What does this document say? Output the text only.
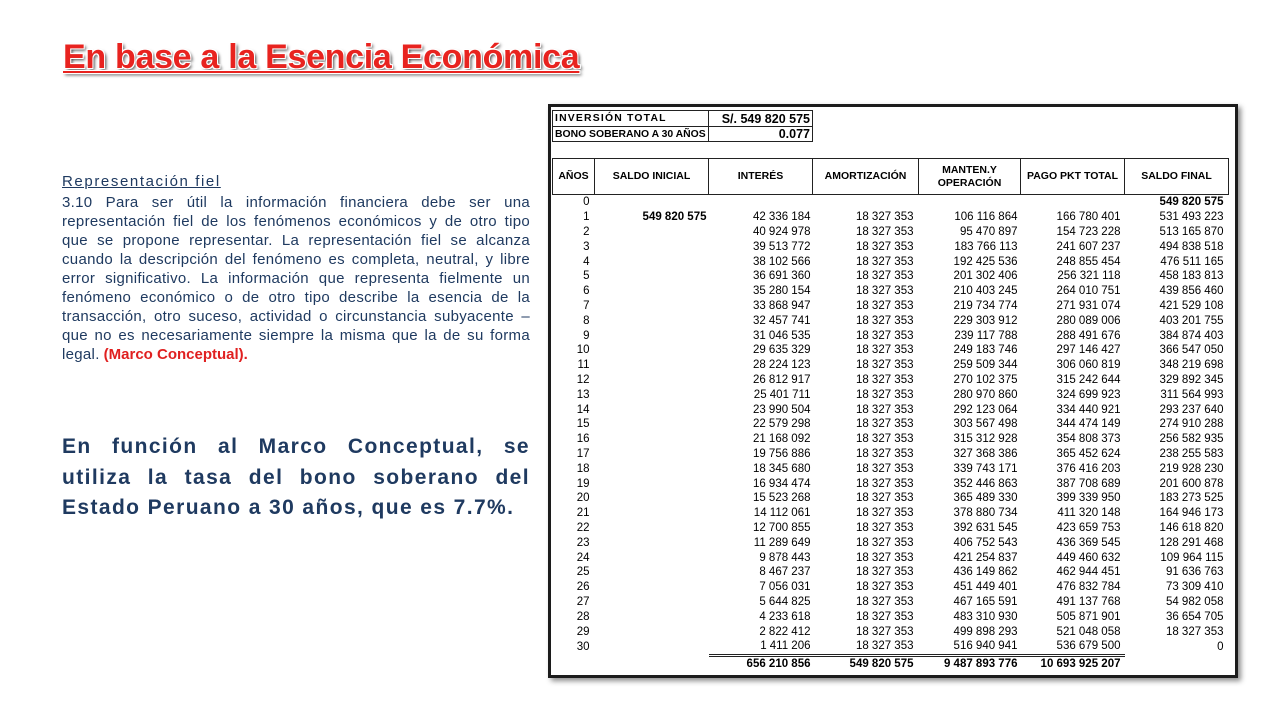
En base a la Esencia Económica
Representación fiel
3.10 Para ser útil la información financiera debe ser una
representación fiel de los fenómenos económicos y de otro tipo
que se propone representar. La representación fiel se alcanza
cuando la descripción del fenómeno es completa, neutral, y libre
error significativo. La información que representa fielmente un
fenómeno económico o de otro tipo describe la esencia de la
transacción, otro suceso, actividad o circunstancia subyacente –
que no es necesariamente siempre la misma que la de su forma
legal. (Marco Conceptual).
En función al Marco Conceptual, se
utiliza la tasa del bono soberano del
Estado Peruano a 30 años, que es 7.7%.
INVERSIÓN TOTAL	S/. 549 820 575
BONO SOBERANO A 30 AÑOS	0.077
AÑOS	SALDO INICIAL	INTERÉS	AMORTIZACIÓN	MANTEN.Y OPERACIÓN	PAGO PKT TOTAL	SALDO FINAL
0						549 820 575
1	549 820 575	42 336 184	18 327 353	106 116 864	166 780 401	531 493 223
2		40 924 978	18 327 353	95 470 897	154 723 228	513 165 870
3		39 513 772	18 327 353	183 766 113	241 607 237	494 838 518
4		38 102 566	18 327 353	192 425 536	248 855 454	476 511 165
5		36 691 360	18 327 353	201 302 406	256 321 118	458 183 813
6		35 280 154	18 327 353	210 403 245	264 010 751	439 856 460
7		33 868 947	18 327 353	219 734 774	271 931 074	421 529 108
8		32 457 741	18 327 353	229 303 912	280 089 006	403 201 755
9		31 046 535	18 327 353	239 117 788	288 491 676	384 874 403
10		29 635 329	18 327 353	249 183 746	297 146 427	366 547 050
11		28 224 123	18 327 353	259 509 344	306 060 819	348 219 698
12		26 812 917	18 327 353	270 102 375	315 242 644	329 892 345
13		25 401 711	18 327 353	280 970 860	324 699 923	311 564 993
14		23 990 504	18 327 353	292 123 064	334 440 921	293 237 640
15		22 579 298	18 327 353	303 567 498	344 474 149	274 910 288
16		21 168 092	18 327 353	315 312 928	354 808 373	256 582 935
17		19 756 886	18 327 353	327 368 386	365 452 624	238 255 583
18		18 345 680	18 327 353	339 743 171	376 416 203	219 928 230
19		16 934 474	18 327 353	352 446 863	387 708 689	201 600 878
20		15 523 268	18 327 353	365 489 330	399 339 950	183 273 525
21		14 112 061	18 327 353	378 880 734	411 320 148	164 946 173
22		12 700 855	18 327 353	392 631 545	423 659 753	146 618 820
23		11 289 649	18 327 353	406 752 543	436 369 545	128 291 468
24		9 878 443	18 327 353	421 254 837	449 460 632	109 964 115
25		8 467 237	18 327 353	436 149 862	462 944 451	91 636 763
26		7 056 031	18 327 353	451 449 401	476 832 784	73 309 410
27		5 644 825	18 327 353	467 165 591	491 137 768	54 982 058
28		4 233 618	18 327 353	483 310 930	505 871 901	36 654 705
29		2 822 412	18 327 353	499 898 293	521 048 058	18 327 353
30		1 411 206	18 327 353	516 940 941	536 679 500	0
		656 210 856	549 820 575	9 487 893 776	10 693 925 207	
